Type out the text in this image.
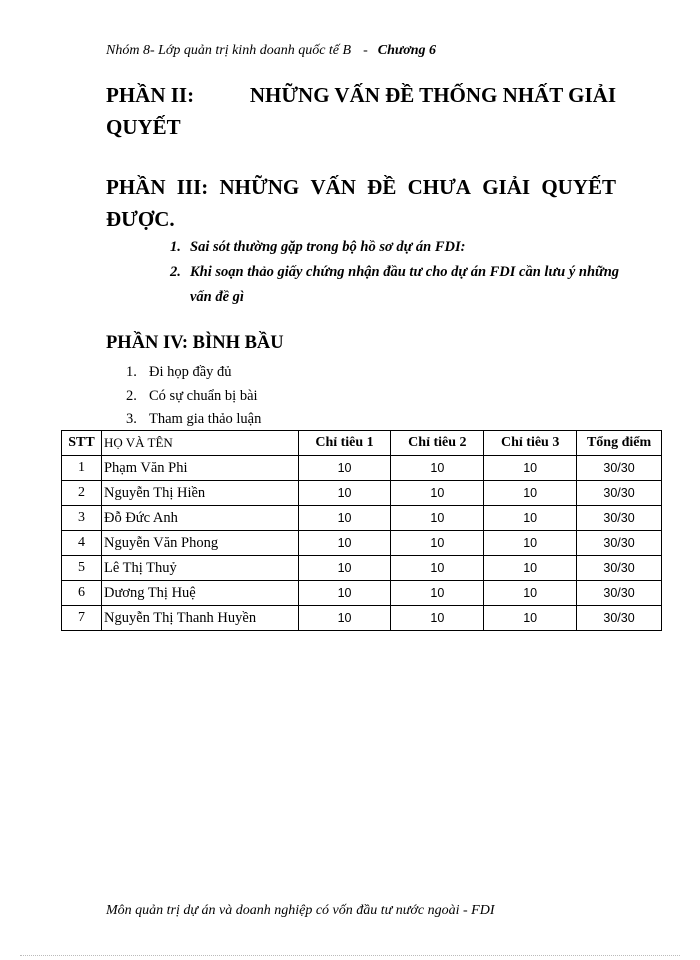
Nhóm 8- Lớp quản trị kinh doanh quốc tế B - Chương 6
PHẦN II:	NHỮNG VẤN ĐỀ THỐNG NHẤT GIẢI
QUYẾT
PHẦN III: NHỮNG VẤN ĐỀ CHƯA GIẢI QUYẾT
ĐƯỢC.
1. Sai sót thường gặp trong bộ hồ sơ dự án FDI:
2. Khi soạn thảo giấy chứng nhận đầu tư cho dự án FDI cần lưu ý những vấn đề gì
PHẦN IV: BÌNH BẦU
1. Đi họp đầy đủ
2. Có sự chuẩn bị bài
3. Tham gia thảo luận
STT	HỌ VÀ TÊN	Chỉ tiêu 1	Chỉ tiêu 2	Chỉ tiêu 3	Tổng điểm
1	Phạm Văn Phi	10	10	10	30/30
2	Nguyễn Thị Hiền	10	10	10	30/30
3	Đỗ Đức Anh	10	10	10	30/30
4	Nguyễn Văn Phong	10	10	10	30/30
5	Lê Thị Thuỷ	10	10	10	30/30
6	Dương Thị Huệ	10	10	10	30/30
7	Nguyễn Thị Thanh Huyền	10	10	10	30/30
Môn quản trị dự án và doanh nghiệp có vốn đầu tư nước ngoài - FDI
